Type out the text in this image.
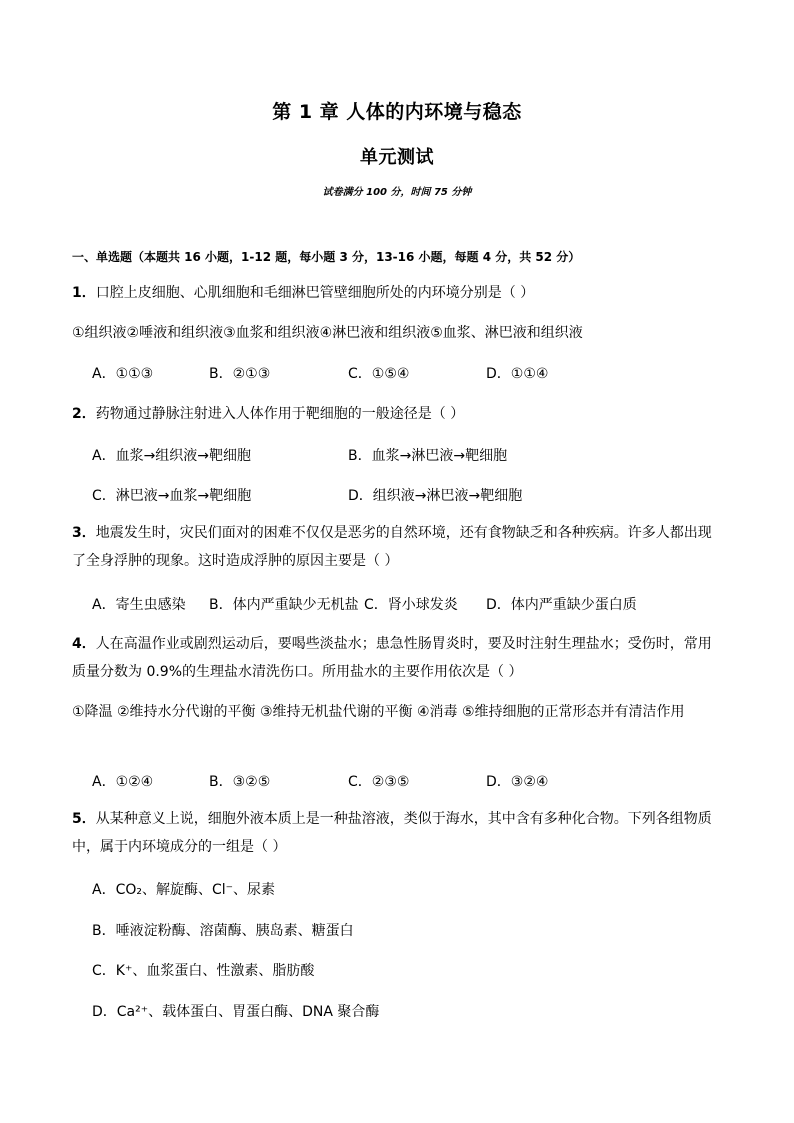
第 1 章 人体的内环境与稳态
单元测试
试卷满分 100 分，时间 75 分钟
一、单选题（本题共 16 小题，1-12 题，每小题 3 分，13-16 小题，每题 4 分，共 52 分）
1．口腔上皮细胞、心肌细胞和毛细淋巴管壁细胞所处的内环境分别是（ ）
①组织液②唾液和组织液③血浆和组织液④淋巴液和组织液⑤血浆、淋巴液和组织液
A．①①③	B．②①③	C．①⑤④	D．①①④
2．药物通过静脉注射进入人体作用于靶细胞的一般途径是（ ）
A．血浆→组织液→靶细胞	B．血浆→淋巴液→靶细胞
C．淋巴液→血浆→靶细胞	D．组织液→淋巴液→靶细胞
3．地震发生时，灾民们面对的困难不仅仅是恶劣的自然环境，还有食物缺乏和各种疾病。许多人都出现了全身浮肿的现象。这时造成浮肿的原因主要是（ ）
A．寄生虫感染 B．体内严重缺少无机盐 C．肾小球发炎 D．体内严重缺少蛋白质
4．人在高温作业或剧烈运动后，要喝些淡盐水；患急性肠胃炎时，要及时注射生理盐水；受伤时，常用质量分数为 0.9%的生理盐水清洗伤口。所用盐水的主要作用依次是（ ）
①降温 ②维持水分代谢的平衡 ③维持无机盐代谢的平衡 ④消毒 ⑤维持细胞的正常形态并有清洁作用
A．①②④	B．③②⑤	C．②③⑤	D．③②④
5．从某种意义上说，细胞外液本质上是一种盐溶液，类似于海水，其中含有多种化合物。下列各组物质中，属于内环境成分的一组是（ ）
A．CO₂、解旋酶、Cl⁻、尿素
B．唾液淀粉酶、溶菌酶、胰岛素、糖蛋白
C．K⁺、血浆蛋白、性激素、脂肪酸
D．Ca²⁺、载体蛋白、胃蛋白酶、DNA 聚合酶
